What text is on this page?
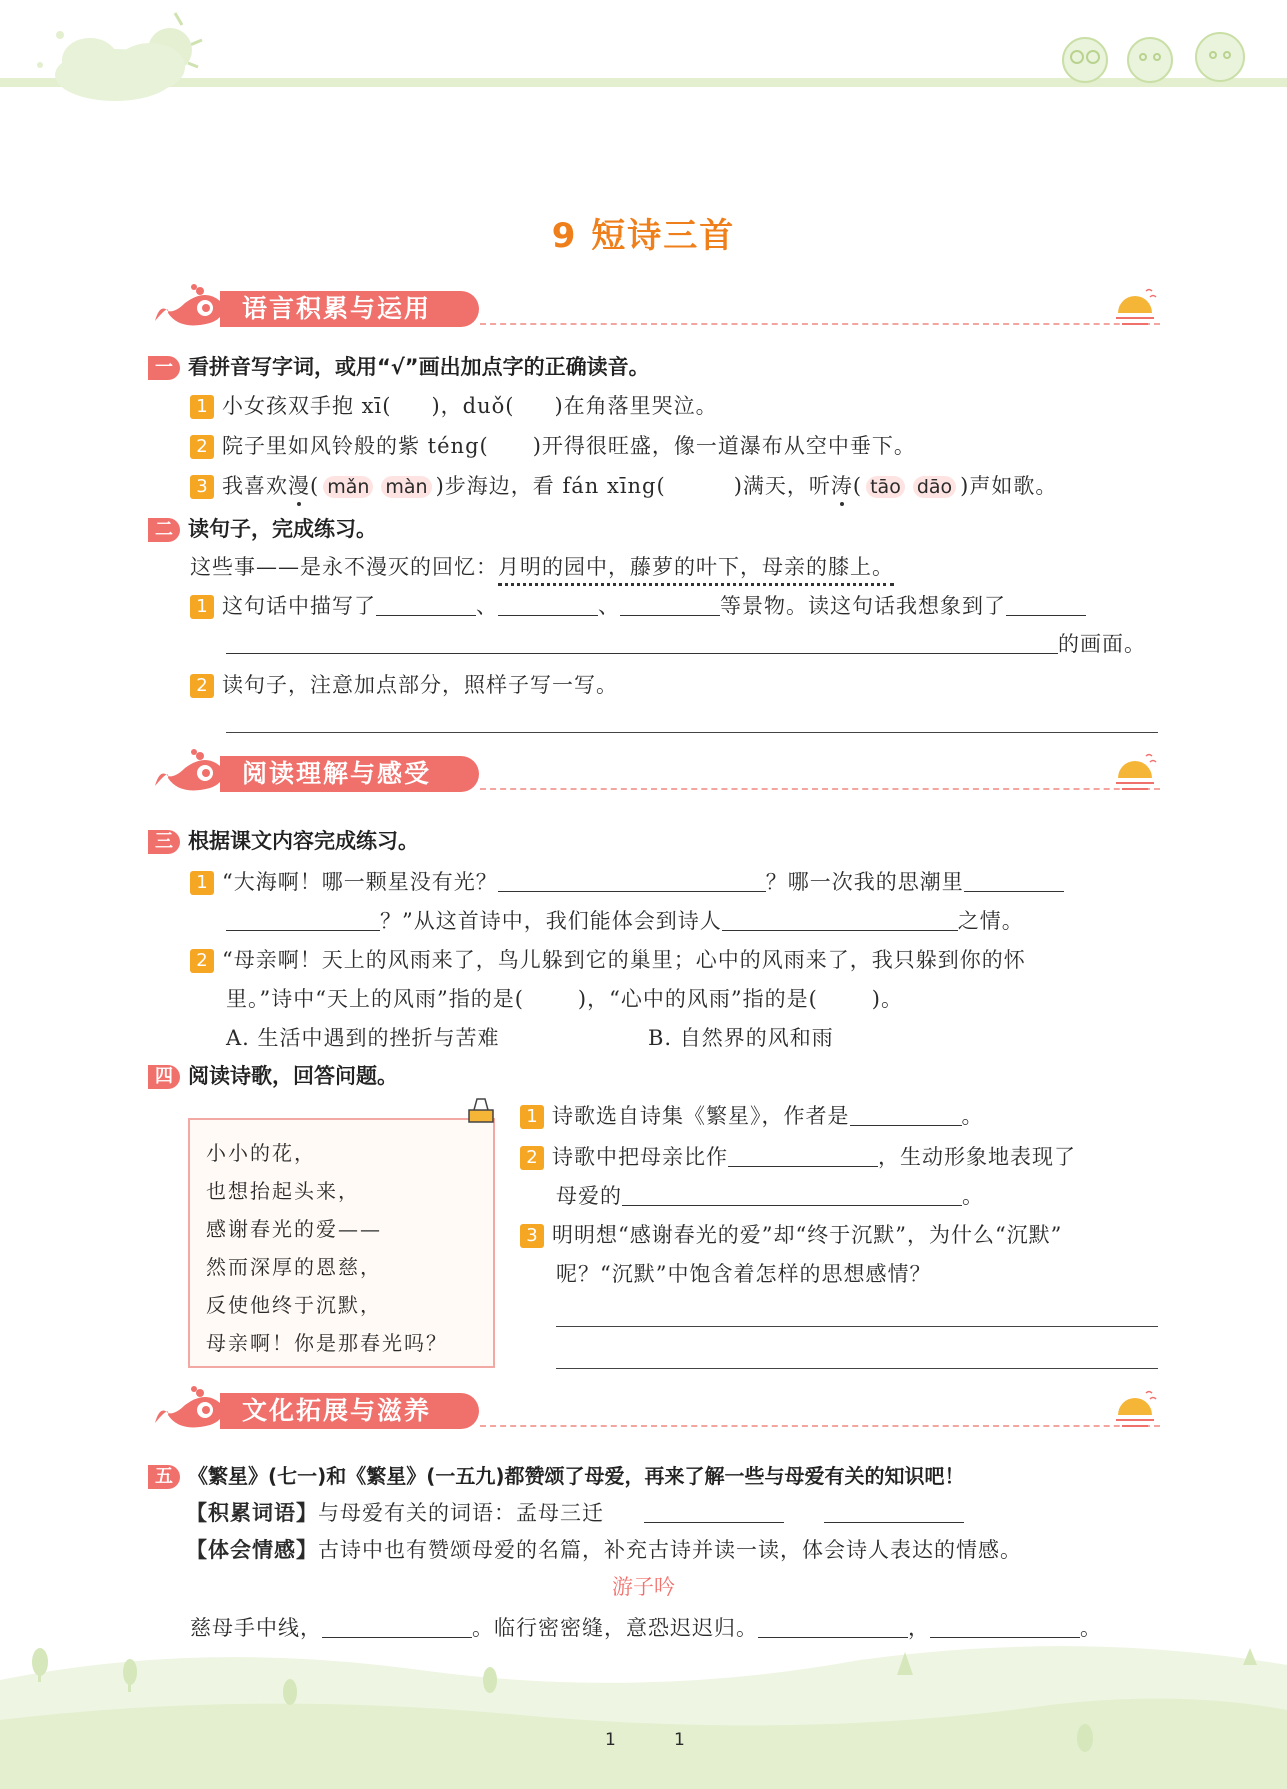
9 短诗三首
语言积累与运用
一 看拼音写字词，或用“√”画出加点字的正确读音。
1 小女孩双手抱 xī( )，duǒ( )在角落里哭泣。
2 院子里如风铃般的紫 téng( )开得很旺盛，像一道瀑布从空中垂下。
3 我喜欢漫( mǎn màn )步海边，看 fán xīng(	)满天，听涛( tāo dāo )声如歌。
二 读句子，完成练习。
这些事——是永不漫灭的回忆：月明的园中，藤萝的叶下，母亲的膝上。
1 这句话中描写了	、	、	等景物。读这句话我想象到了
的画面。
2 读句子，注意加点部分，照样子写一写。
阅读理解与感受
三 根据课文内容完成练习。
1 “大海啊！哪一颗星没有光？	？哪一次我的思潮里
？”从这首诗中，我们能体会到诗人	之情。
2 “母亲啊！天上的风雨来了，鸟儿躲到它的巢里；心中的风雨来了，我只躲到你的怀
里。”诗中“天上的风雨”指的是(	)，“心中的风雨”指的是(	)。
A. 生活中遇到的挫折与苦难	B. 自然界的风和雨
四 阅读诗歌，回答问题。
小小的花，
也想抬起头来，
感谢春光的爱——
然而深厚的恩慈，
反使他终于沉默，
母亲啊！你是那春光吗？
1 诗歌选自诗集《繁星》，作者是	。
2 诗歌中把母亲比作	，生动形象地表现了
母爱的	。
3 明明想“感谢春光的爱”却“终于沉默”，为什么“沉默”
呢？“沉默”中饱含着怎样的思想感情？
文化拓展与滋养
五 《繁星》(七一)和《繁星》(一五九)都赞颂了母爱，再来了解一些与母爱有关的知识吧！
【积累词语】与母爱有关的词语：孟母三迁
【体会情感】古诗中也有赞颂母爱的名篇，补充古诗并读一读，体会诗人表达的情感。
游子吟
慈母手中线，	。临行密密缝，意恐迟迟归。	，	。
1	1
